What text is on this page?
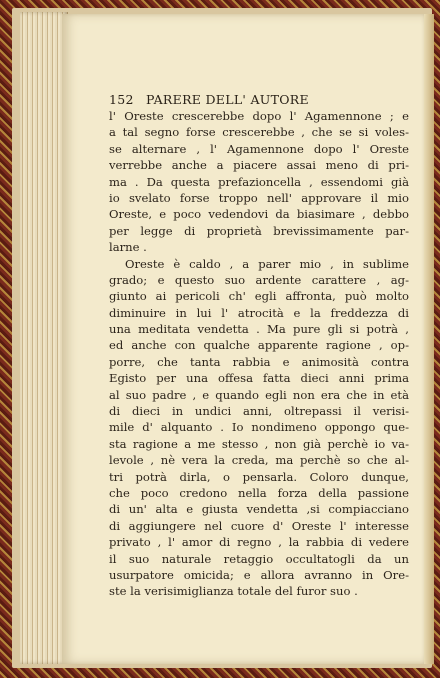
152 PARERE DELL' AUTORE
l' Oreste crescerebbe dopo l' Agamennone ; e
a tal segno forse crescerebbe , che se si voles-
se alternare , l' Agamennone dopo l' Oreste
verrebbe anche a piacere assai meno di pri-
ma . Da questa prefazioncella , essendomi già
io svelato forse troppo nell' approvare il mio
Oreste, e poco vedendovi da biasimare , debbo
per legge di proprietà brevissimamente par-
larne .
Oreste è caldo , a parer mio , in sublime
grado; e questo suo ardente carattere , ag-
giunto ai pericoli ch' egli affronta, può molto
diminuire in lui l' atrocità e la freddezza di
una meditata vendetta . Ma pure gli si potrà ,
ed anche con qualche apparente ragione , op-
porre, che tanta rabbia e animosità contra
Egisto per una offesa fatta dieci anni prima
al suo padre , e quando egli non era che in età
di dieci in undici anni, oltrepassi il verisi-
mile d' alquanto . Io nondimeno oppongo que-
sta ragione a me stesso , non già perchè io va-
levole , nè vera la creda, ma perchè so che al-
tri potrà dirla, o pensarla. Coloro dunque,
che poco credono nella forza della passione
di un' alta e giusta vendetta ,si compiacciano
di aggiungere nel cuore d' Oreste l' interesse
privato , l' amor di regno , la rabbia di vedere
il suo naturale retaggio occultatogli da un
usurpatore omicida; e allora avranno in Ore-
ste la verisimiglianza totale del furor suo .
